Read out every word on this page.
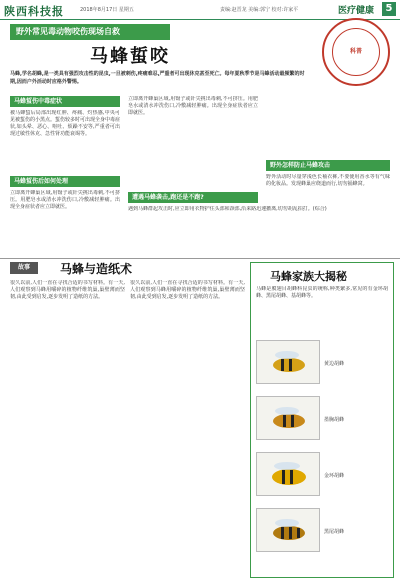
陕西科技报	2018年8月17日 星期五	责编:赵晋龙 美编:郭宁 校对:许家平	医疗健康	5
野外常见毒动物咬伤现场自救
科普
马蜂蜇咬
马蜂,学名胡蜂,是一类具有强烈攻击性的昆虫,一旦被刺伤,疼痛难忍,严重者可出现休克甚至死亡。每年夏秋季节是马蜂活动最频繁的时期,因而户外活动时应格外警惕。
马蜂蜇伤中毒症状
被马蜂蜇后局部出现红肿、疼痛、灼热感,中央可见被蜇伤的小黑点。蜇伤较多时可出现全身中毒症状,如头晕、恶心、呕吐、烦躁不安等,严重者可出现过敏性休克、急性肾功能衰竭等。
马蜂蜇伤后如何处理
立即离开蜂巢区域,用镊子或针尖挑出毒刺,不可挤压。用肥皂水或清水冲洗伤口,冷敷减轻肿痛。出现全身症状者应立即就医。
立即离开蜂巢区域,用镊子或针尖挑出毒刺,不可挤压。用肥皂水或清水冲洗伤口,冷敷减轻肿痛。出现全身症状者应立即就医。
野外怎样防止马蜂攻击
野外活动时尽量穿浅色长袖衣裤,不要使用香水等有气味的化妆品。发现蜂巢应绕道而行,切勿捅蜂窝。
遭遇马蜂袭击,跑还是不跑?
遇到马蜂群起攻击时,应立即用衣物护住头部和颈部,沿来路迅速撤离,切勿胡乱拍打。(综合)
故事	马蜂与造纸术
很久以前,人们一直在寻找合适的书写材料。有一天,人们观察到马蜂用嚼碎的植物纤维筑巢,巢壁薄而坚韧,由此受到启发,逐步发明了造纸的方法。
很久以前,人们一直在寻找合适的书写材料。有一天,人们观察到马蜂用嚼碎的植物纤维筑巢,巢壁薄而坚韧,由此受到启发,逐步发明了造纸的方法。
马蜂家族大揭秘
马蜂是膜翅目胡蜂科昆虫的统称,种类繁多,常见的有金环胡蜂、黑尾胡蜂、基胡蜂等。
黄边胡蜂
墨胸胡蜂
金环胡蜂
黑尾胡蜂
